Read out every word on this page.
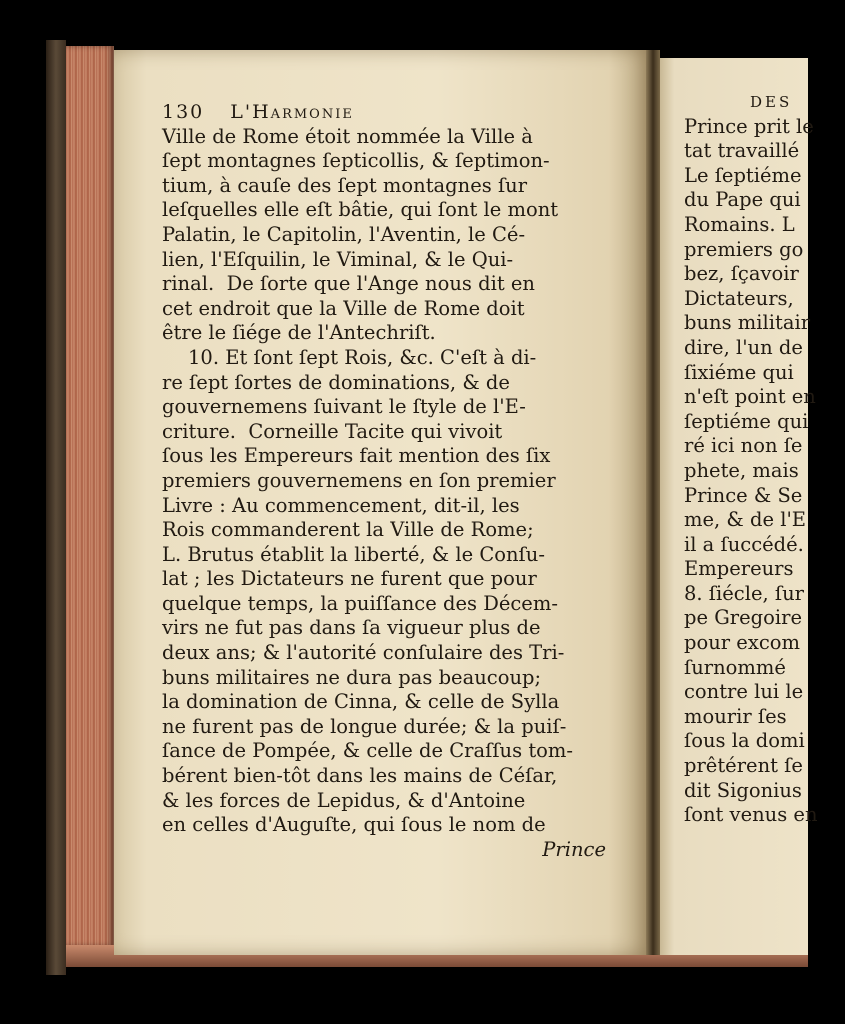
130 L'Harmonie
Ville de Rome étoit nommée la Ville à
ſept montagnes ſepticollis, & ſeptimon-
tium, à cauſe des ſept montagnes ſur
leſquelles elle eſt bâtie, qui ſont le mont
Palatin, le Capitolin, l'Aventin, le Cé-
lien, l'Eſquilin, le Viminal, & le Qui-
rinal.  De ſorte que l'Ange nous dit en
cet endroit que la Ville de Rome doit
être le ſiége de l'Antechriſt.
10. Et ſont ſept Rois, &c. C'eſt à di-
re ſept ſortes de dominations, & de
gouvernemens ſuivant le ſtyle de l'E-
criture.  Corneille Tacite qui vivoit
ſous les Empereurs fait mention des ſix
premiers gouvernemens en ſon premier
Livre : Au commencement, dit-il, les
Rois commanderent la Ville de Rome;
L. Brutus établit la liberté, & le Conſu-
lat ; les Dictateurs ne furent que pour
quelque temps, la puiſſance des Décem-
virs ne fut pas dans ſa vigueur plus de
deux ans; & l'autorité conſulaire des Tri-
buns militaires ne dura pas beaucoup;
la domination de Cinna, & celle de Sylla
ne furent pas de longue durée; & la puiſ-
ſance de Pompée, & celle de Craſſus tom-
bérent bien-tôt dans les mains de Céſar,
& les forces de Lepidus, & d'Antoine
en celles d'Auguſte, qui ſous le nom de
Prince
DES
Prince prit le
tat travaillé
Le ſeptiéme
du Pape qui
Romains. L
premiers go
bez, ſçavoir
Dictateurs,
buns militair
dire, l'un de
ſixiéme qui
n'eſt point en
ſeptiéme qui
ré ici non ſe
phete, mais
Prince & Se
me, & de l'E
il a ſuccédé.
Empereurs
8. ſiécle, ſur
pe Gregoire
pour excom
ſurnommé
contre lui le
mourir ſes
ſous la domi
prêtérent ſe
dit Sigonius
ſont venus en
